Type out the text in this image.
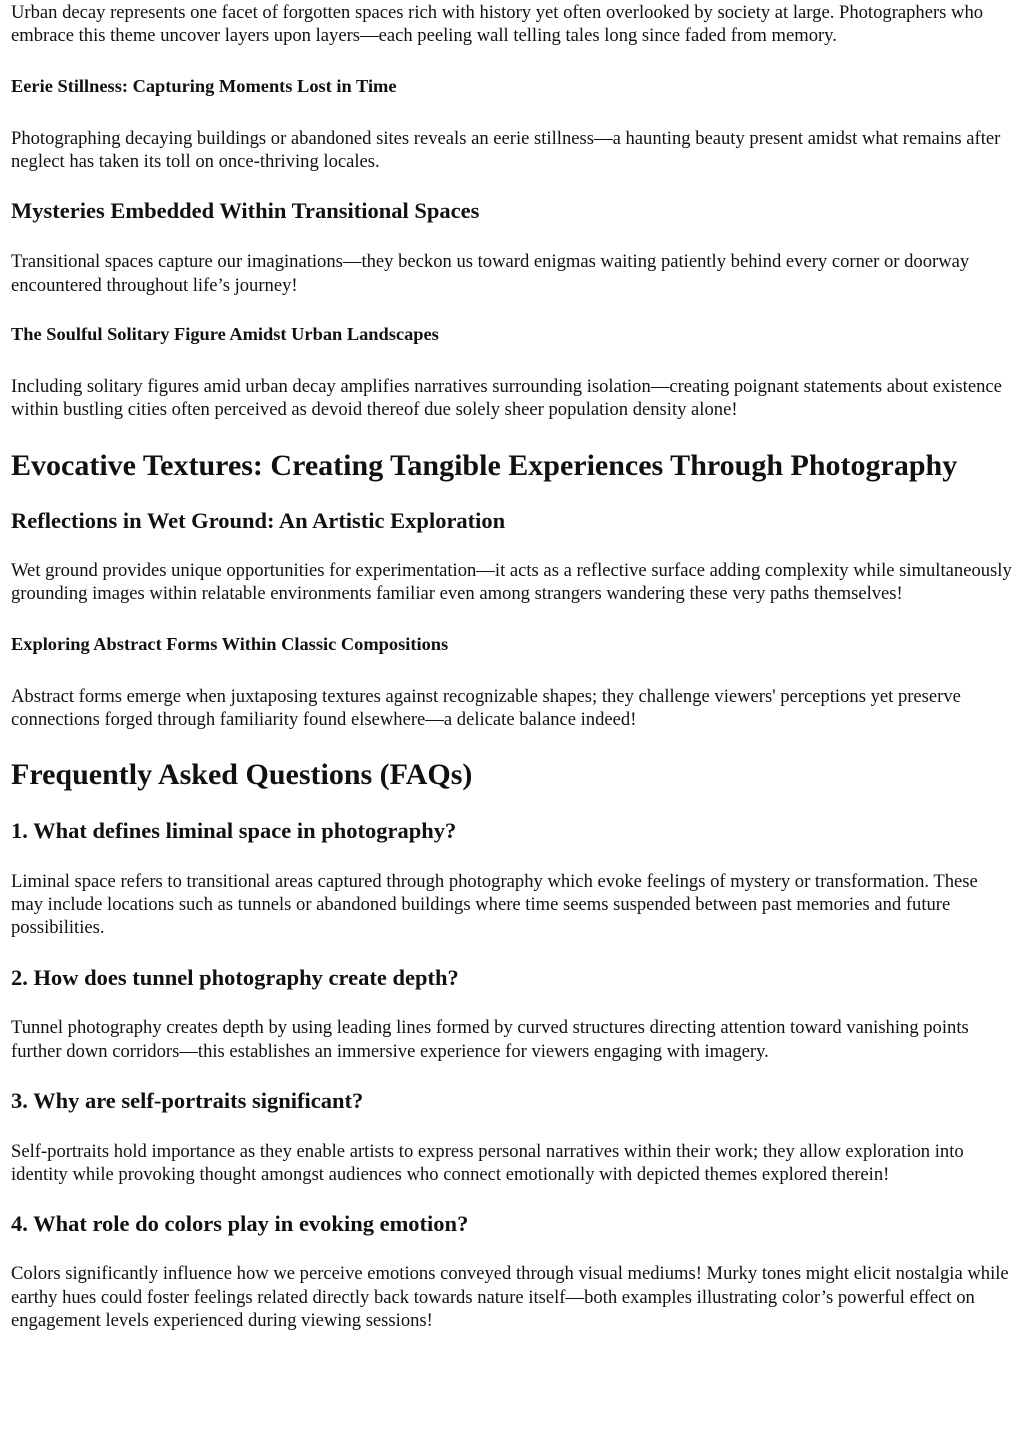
Urban decay represents one facet of forgotten spaces rich with history yet often overlooked by society at large. Photographers who embrace this theme uncover layers upon layers—each peeling wall telling tales long since faded from memory.

Eerie Stillness: Capturing Moments Lost in Time

Photographing decaying buildings or abandoned sites reveals an eerie stillness—a haunting beauty present amidst what remains after neglect has taken its toll on once-thriving locales.

Mysteries Embedded Within Transitional Spaces

Transitional spaces capture our imaginations—they beckon us toward enigmas waiting patiently behind every corner or doorway encountered throughout life’s journey!

The Soulful Solitary Figure Amidst Urban Landscapes

Including solitary figures amid urban decay amplifies narratives surrounding isolation—creating poignant statements about existence within bustling cities often perceived as devoid thereof due solely sheer population density alone!

Evocative Textures: Creating Tangible Experiences Through Photography
Reflections in Wet Ground: An Artistic Exploration

Wet ground provides unique opportunities for experimentation—it acts as a reflective surface adding complexity while simultaneously grounding images within relatable environments familiar even among strangers wandering these very paths themselves!

Exploring Abstract Forms Within Classic Compositions

Abstract forms emerge when juxtaposing textures against recognizable shapes; they challenge viewers' perceptions yet preserve connections forged through familiarity found elsewhere—a delicate balance indeed!

Frequently Asked Questions (FAQs)
1. What defines liminal space in photography?

Liminal space refers to transitional areas captured through photography which evoke feelings of mystery or transformation. These may include locations such as tunnels or abandoned buildings where time seems suspended between past memories and future possibilities.

2. How does tunnel photography create depth?

Tunnel photography creates depth by using leading lines formed by curved structures directing attention toward vanishing points further down corridors—this establishes an immersive experience for viewers engaging with imagery.

3. Why are self-portraits significant?

Self-portraits hold importance as they enable artists to express personal narratives within their work; they allow exploration into identity while provoking thought amongst audiences who connect emotionally with depicted themes explored therein!

4. What role do colors play in evoking emotion?

Colors significantly influence how we perceive emotions conveyed through visual mediums! Murky tones might elicit nostalgia while earthy hues could foster feelings related directly back towards nature itself—both examples illustrating color’s powerful effect on engagement levels experienced during viewing sessions!
